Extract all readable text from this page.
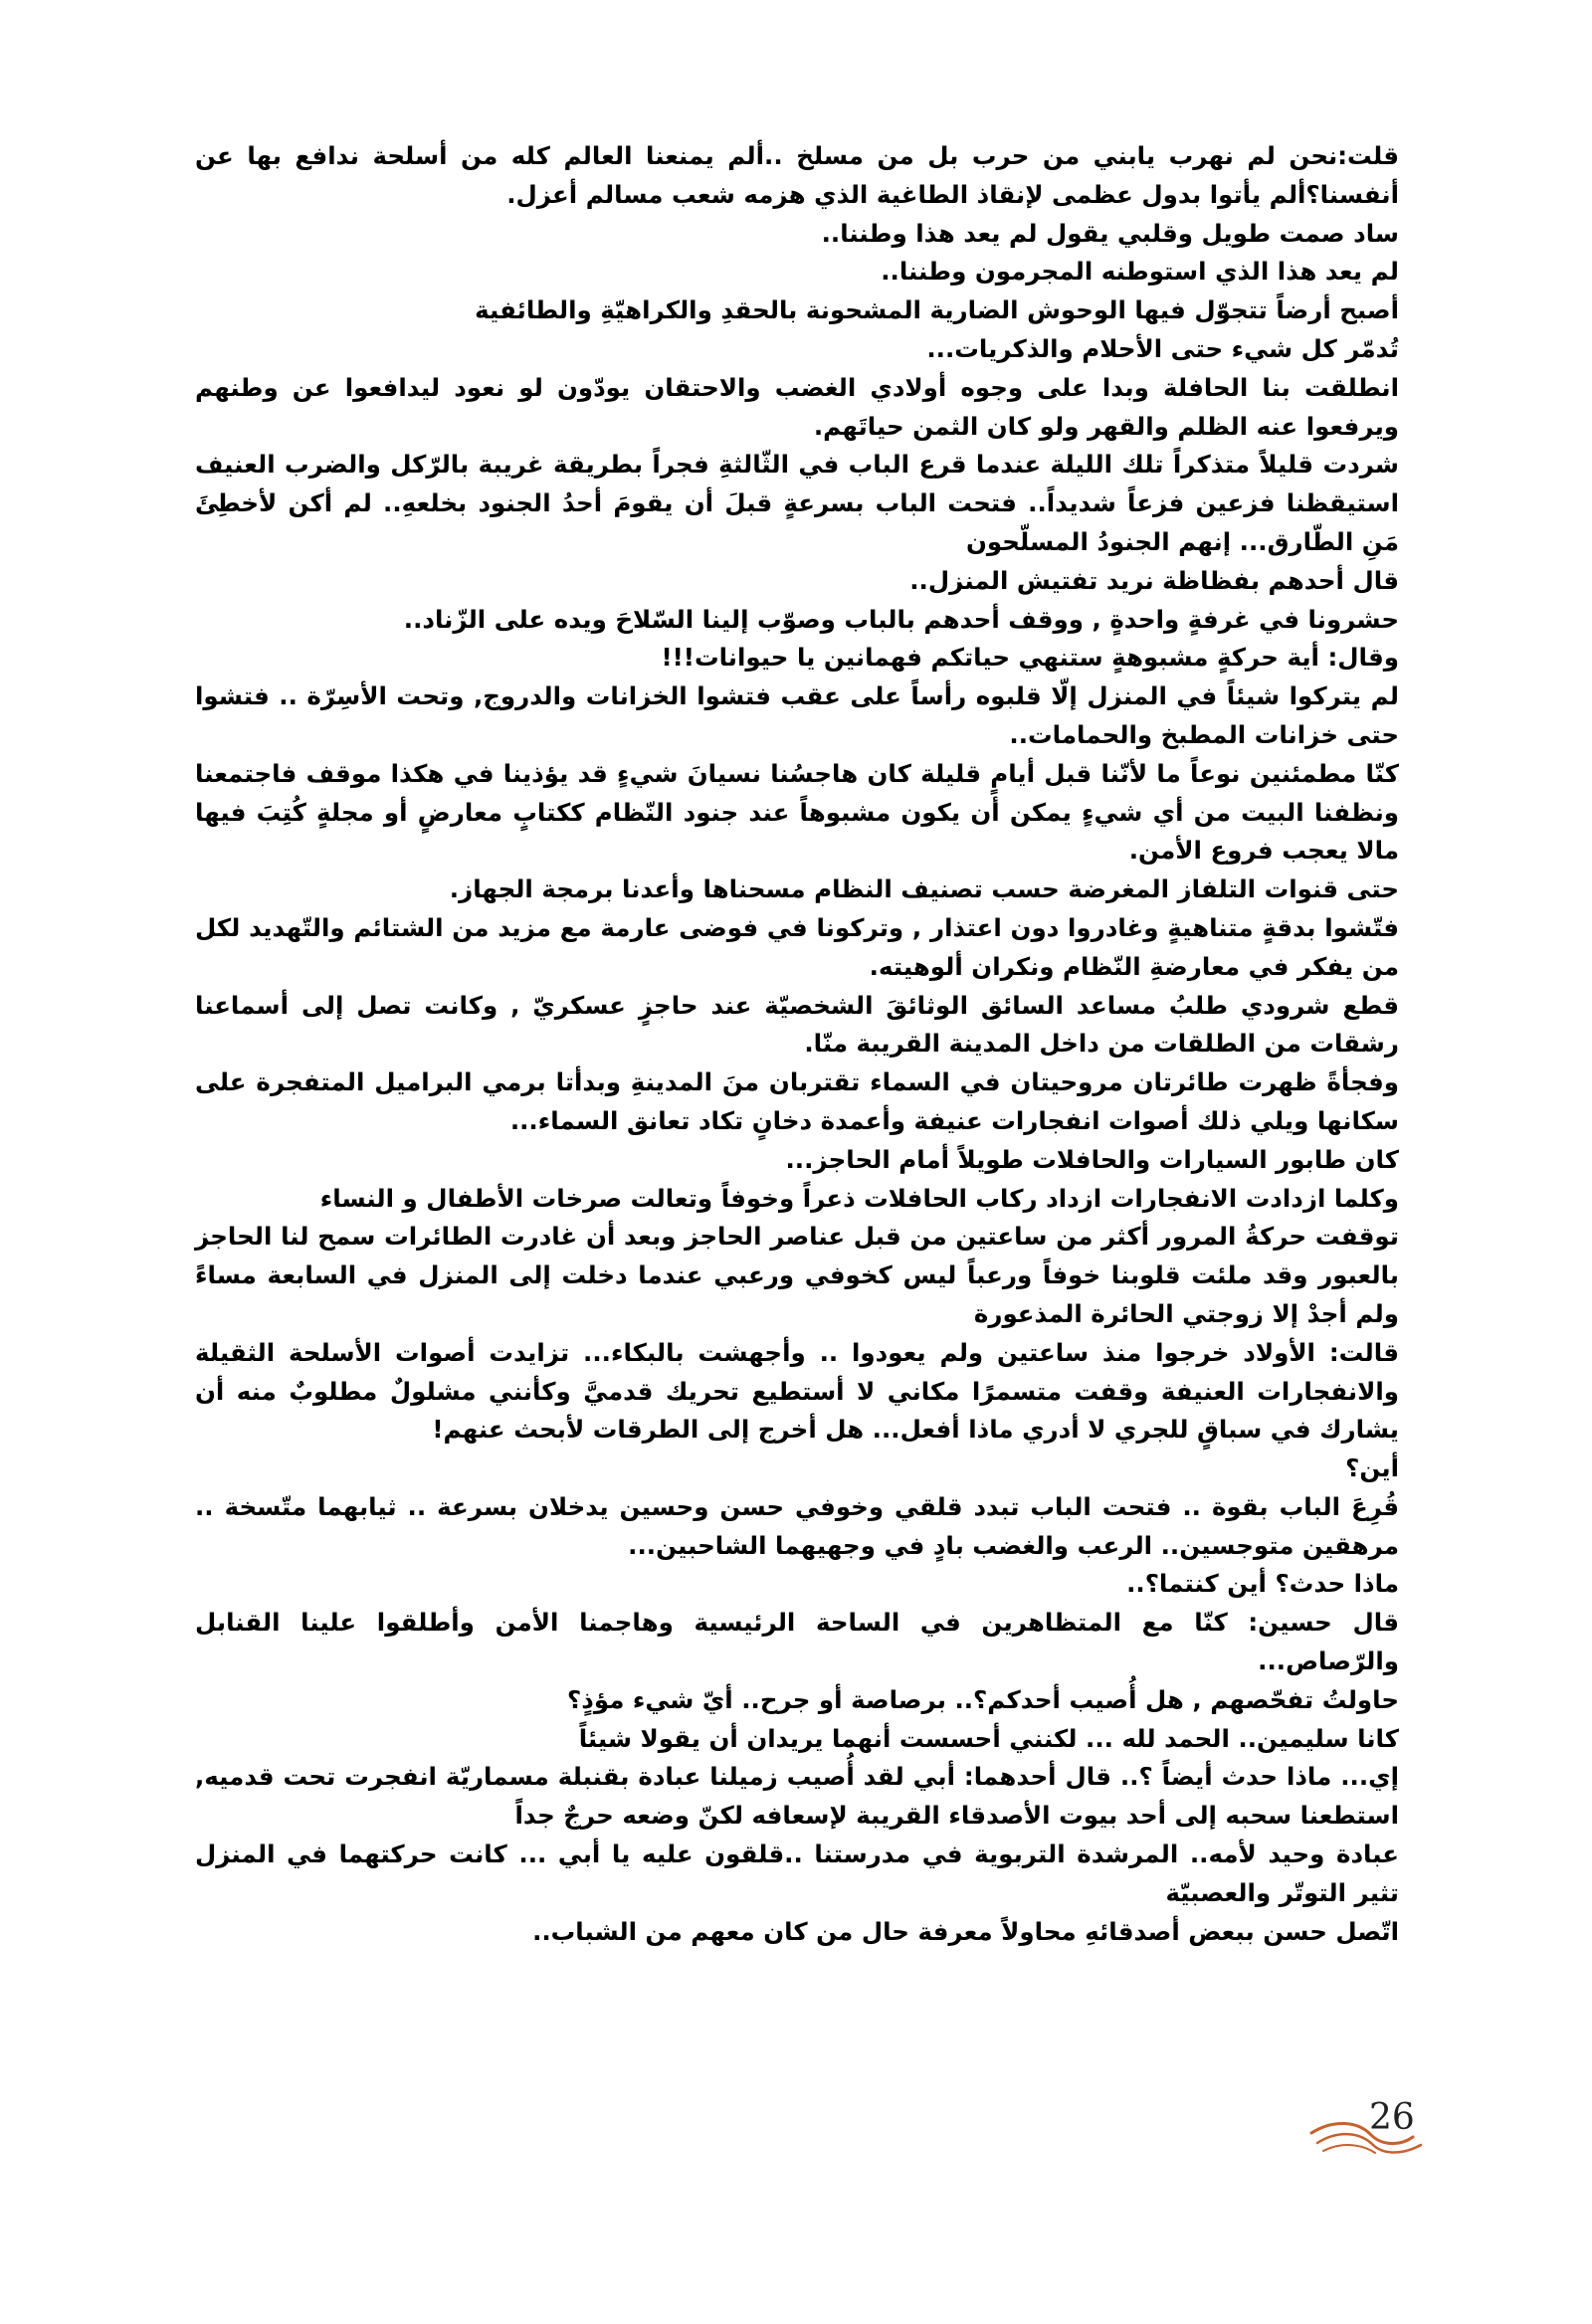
قلت:نحن لم نهرب يابني من حرب بل من مسلخ ..ألم يمنعنا العالم كله من أسلحة ندافع بها عن أنفسنا؟ألم يأتوا بدول عظمى لإنقاذ الطاغية الذي هزمه شعب مسالم أعزل.

ساد صمت طويل وقلبي يقول لم يعد هذا وطننا..

لم يعد هذا الذي استوطنه المجرمون وطننا..

أصبح أرضاً تتجوّل فيها الوحوش الضارية المشحونة بالحقدِ والكراهيّةِ والطائفية

تُدمّر كل شيء حتى الأحلام والذكريات...

انطلقت بنا الحافلة وبدا على وجوه أولادي الغضب والاحتقان يودّون لو نعود ليدافعوا عن وطنهم ويرفعوا عنه الظلم والقهر ولو كان الثمن حياتَهم.

شردت قليلاً متذكراً تلك الليلة عندما قرع الباب في الثّالثةِ فجراً بطريقة غريبة بالرّكل والضرب العنيف استيقظنا فزعين فزعاً شديداً.. فتحت الباب بسرعةٍ قبلَ أن يقومَ أحدُ الجنود بخلعهِ.. لم أكن لأخطِئَ مَنِ الطّارق... إنهم الجنودُ المسلّحون

قال أحدهم بفظاظة نريد تفتيش المنزل..

حشرونا في غرفةٍ واحدةٍ , ووقف أحدهم بالباب وصوّب إلينا السّلاحَ ويده على الزّناد..

وقال: أية حركةٍ مشبوهةٍ ستنهي حياتكم فهمانين يا حيوانات!!!

لم يتركوا شيئاً في المنزل إلّا قلبوه رأساً على عقب فتشوا الخزانات والدروج, وتحت الأسِرّة .. فتشوا حتى خزانات المطبخ والحمامات..

كنّا مطمئنين نوعاً ما لأنّنا قبل أيامٍ قليلة كان هاجسُنا نسيانَ شيءٍ قد يؤذينا في هكذا موقف فاجتمعنا ونظفنا البيت من أي شيءٍ يمكن أن يكون مشبوهاً عند جنود النّظام ككتابٍ معارضٍ أو مجلةٍ كُتِبَ فيها مالا يعجب فروع الأمن.

حتى قنوات التلفاز المغرضة حسب تصنيف النظام مسحناها وأعدنا برمجة الجهاز.

فتّشوا بدقةٍ متناهيةٍ وغادروا دون اعتذار , وتركونا في فوضى عارمة مع مزيد من الشتائم والتّهديد لكل من يفكر في معارضةِ النّظام ونكران ألوهيته.

قطع شرودي طلبُ مساعد السائق الوثائقَ الشخصيّة عند حاجزٍ عسكريّ , وكانت تصل إلى أسماعنا رشقات من الطلقات من داخل المدينة القريبة منّا.

وفجأةً ظهرت طائرتان مروحيتان في السماء تقتربان منَ المدينةِ وبدأتا برمي البراميل المتفجرة على سكانها ويلي ذلك أصوات انفجارات عنيفة وأعمدة دخانٍ تكاد تعانق السماء...

كان طابور السيارات والحافلات طويلاً أمام الحاجز...

وكلما ازدادت الانفجارات ازداد ركاب الحافلات ذعراً وخوفاً وتعالت صرخات الأطفال و النساء

توقفت حركةُ المرور أكثر من ساعتين من قبل عناصر الحاجز وبعد أن غادرت الطائرات سمح لنا الحاجز بالعبور وقد ملئت قلوبنا خوفاً ورعباً ليس كخوفي ورعبي عندما دخلت إلى المنزل في السابعة مساءً ولم أجدْ إلا زوجتي الحائرة المذعورة

قالت: الأولاد خرجوا منذ ساعتين ولم يعودوا .. وأجهشت بالبكاء... تزايدت أصوات الأسلحة الثقيلة والانفجارات العنيفة وقفت متسمرًا مكاني لا أستطيع تحريك قدميَّ وكأنني مشلولٌ مطلوبٌ منه أن يشارك في سباقٍ للجري لا أدري ماذا أفعل... هل أخرج إلى الطرقات لأبحث عنهم!

أين؟

قُرِعَ الباب بقوة .. فتحت الباب تبدد قلقي وخوفي حسن وحسين يدخلان بسرعة .. ثيابهما متّسخة .. مرهقين متوجسين.. الرعب والغضب بادٍ في وجهيهما الشاحبين...

ماذا حدث؟ أين كنتما؟..

قال حسين: كنّا مع المتظاهرين في الساحة الرئيسية وهاجمنا الأمن وأطلقوا علينا القنابل والرّصاص...

حاولتُ تفحّصهم , هل أُصيب أحدكم؟.. برصاصة أو جرح.. أيّ شيء مؤذٍ؟

كانا سليمين.. الحمد لله ... لكنني أحسست أنهما يريدان أن يقولا شيئاً

إي... ماذا حدث أيضاً ؟.. قال أحدهما: أبي لقد أُصيب زميلنا عبادة بقنبلة مسماريّة انفجرت تحت قدميه, استطعنا سحبه إلى أحد بيوت الأصدقاء القريبة لإسعافه لكنّ وضعه حرجٌ جداً

عبادة وحيد لأمه.. المرشدة التربوية في مدرستنا ..قلقون عليه يا أبي ... كانت حركتهما في المنزل تثير التوتّر والعصبيّة

اتّصل حسن ببعض أصدقائهِ محاولاً معرفة حال من كان معهم من الشباب..

26
